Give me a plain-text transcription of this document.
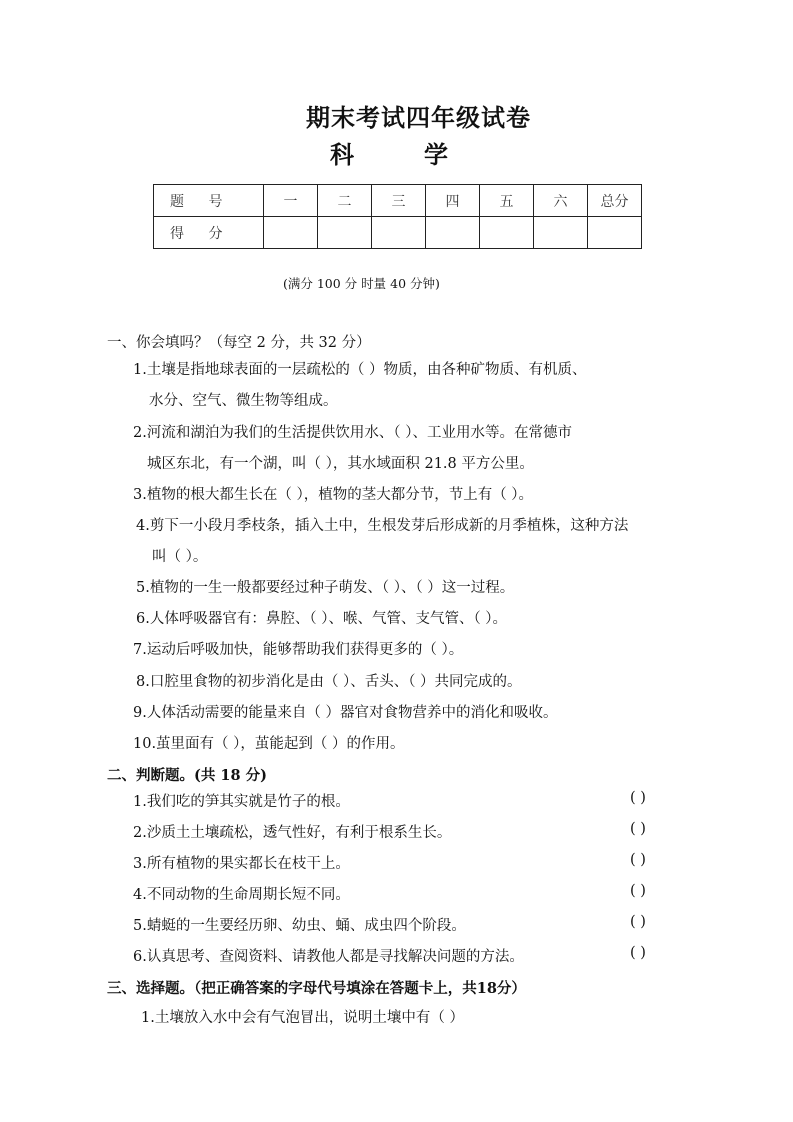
期末考试四年级试卷
科	学
题 号	一	二	三	四	五	六	总分
得 分							
(满分 100 分 时量 40 分钟)
一、你会填吗？（每空 2 分，共 32 分）
1.土壤是指地球表面的一层疏松的（ ）物质，由各种矿物质、有机质、
水分、空气、微生物等组成。
2.河流和湖泊为我们的生活提供饮用水、（ ）、工业用水等。在常德市
城区东北，有一个湖，叫（ ），其水域面积 21.8 平方公里。
3.植物的根大都生长在（ ），植物的茎大都分节，节上有（ ）。
4.剪下一小段月季枝条，插入土中，生根发芽后形成新的月季植株，这种方法
叫（ ）。
5.植物的一生一般都要经过种子萌发、（ ）、（ ）这一过程。
6.人体呼吸器官有：鼻腔、（ ）、喉、气管、支气管、（ ）。
7.运动后呼吸加快，能够帮助我们获得更多的（ ）。
8.口腔里食物的初步消化是由（ ）、舌头、（ ）共同完成的。
9.人体活动需要的能量来自（ ）器官对食物营养中的消化和吸收。
10.茧里面有（ ），茧能起到（ ）的作用。
二、判断题。(共 18 分)
1.我们吃的笋其实就是竹子的根。	( )
2.沙质土土壤疏松，透气性好，有利于根系生长。	( )
3.所有植物的果实都长在枝干上。	( )
4.不同动物的生命周期长短不同。	( )
5.蜻蜓的一生要经历卵、幼虫、蛹、成虫四个阶段。	( )
6.认真思考、查阅资料、请教他人都是寻找解决问题的方法。	( )
三、选择题。（把正确答案的字母代号填涂在答题卡上，共18分）
1.土壤放入水中会有气泡冒出，说明土壤中有（ ）
